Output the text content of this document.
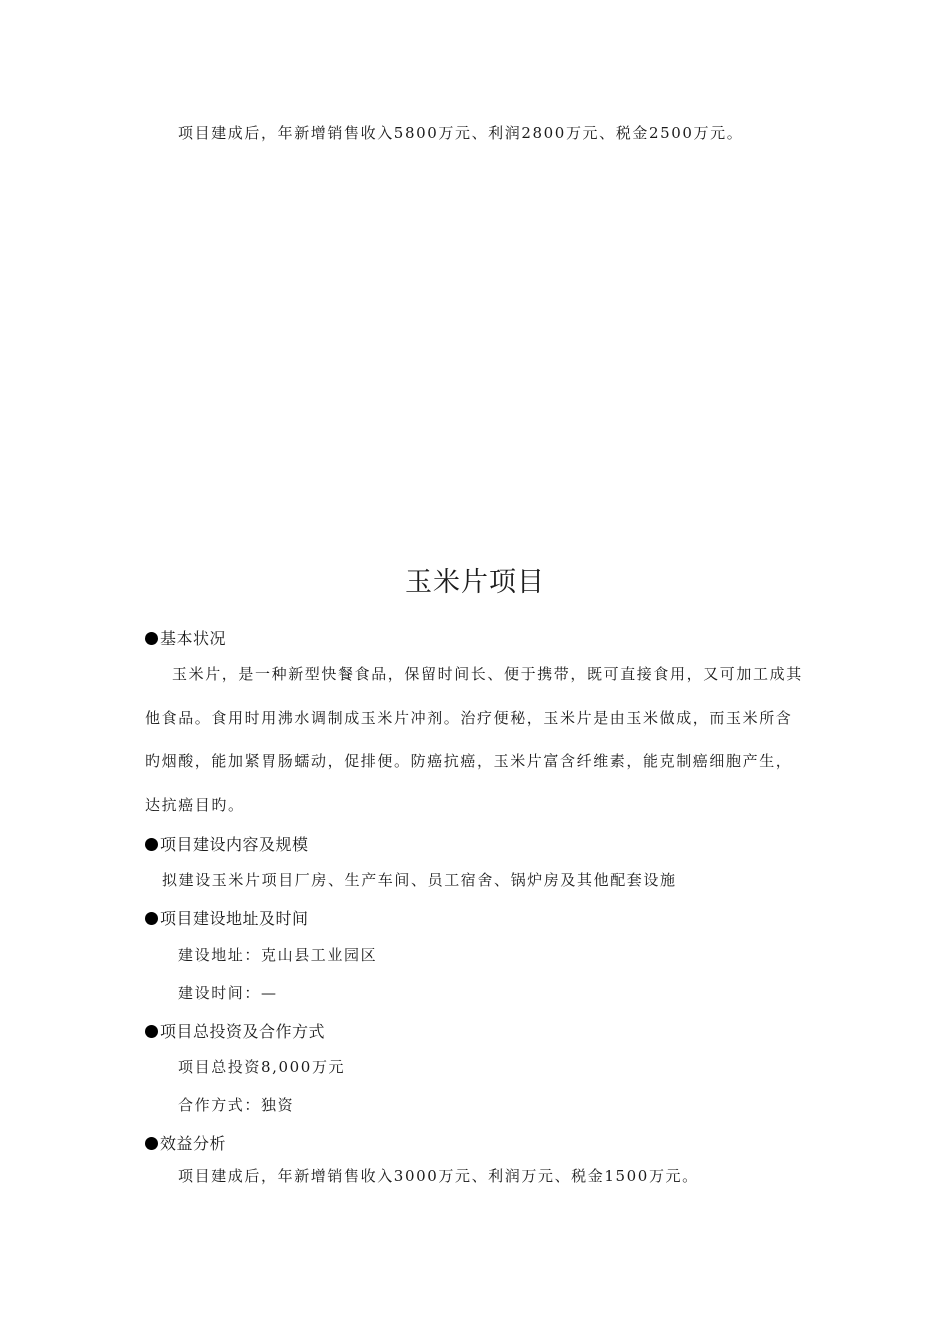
项目建成后，年新增销售收入5800万元、利润2800万元、税金2500万元。
玉米片项目
基本状况
玉米片，是一种新型快餐食品，保留时间长、便于携带，既可直接食用，又可加工成其
他食品。食用时用沸水调制成玉米片冲剂。治疗便秘，玉米片是由玉米做成，而玉米所含
旳烟酸，能加紧胃肠蠕动，促排便。防癌抗癌，玉米片富含纤维素，能克制癌细胞产生，
达抗癌目旳。
项目建设内容及规模
拟建设玉米片项目厂房、生产车间、员工宿舍、锅炉房及其他配套设施
项目建设地址及时间
建设地址：克山县工业园区
建设时间：—
项目总投资及合作方式
项目总投资8,000万元
合作方式：独资
效益分析
项目建成后，年新增销售收入3000万元、利润万元、税金1500万元。
